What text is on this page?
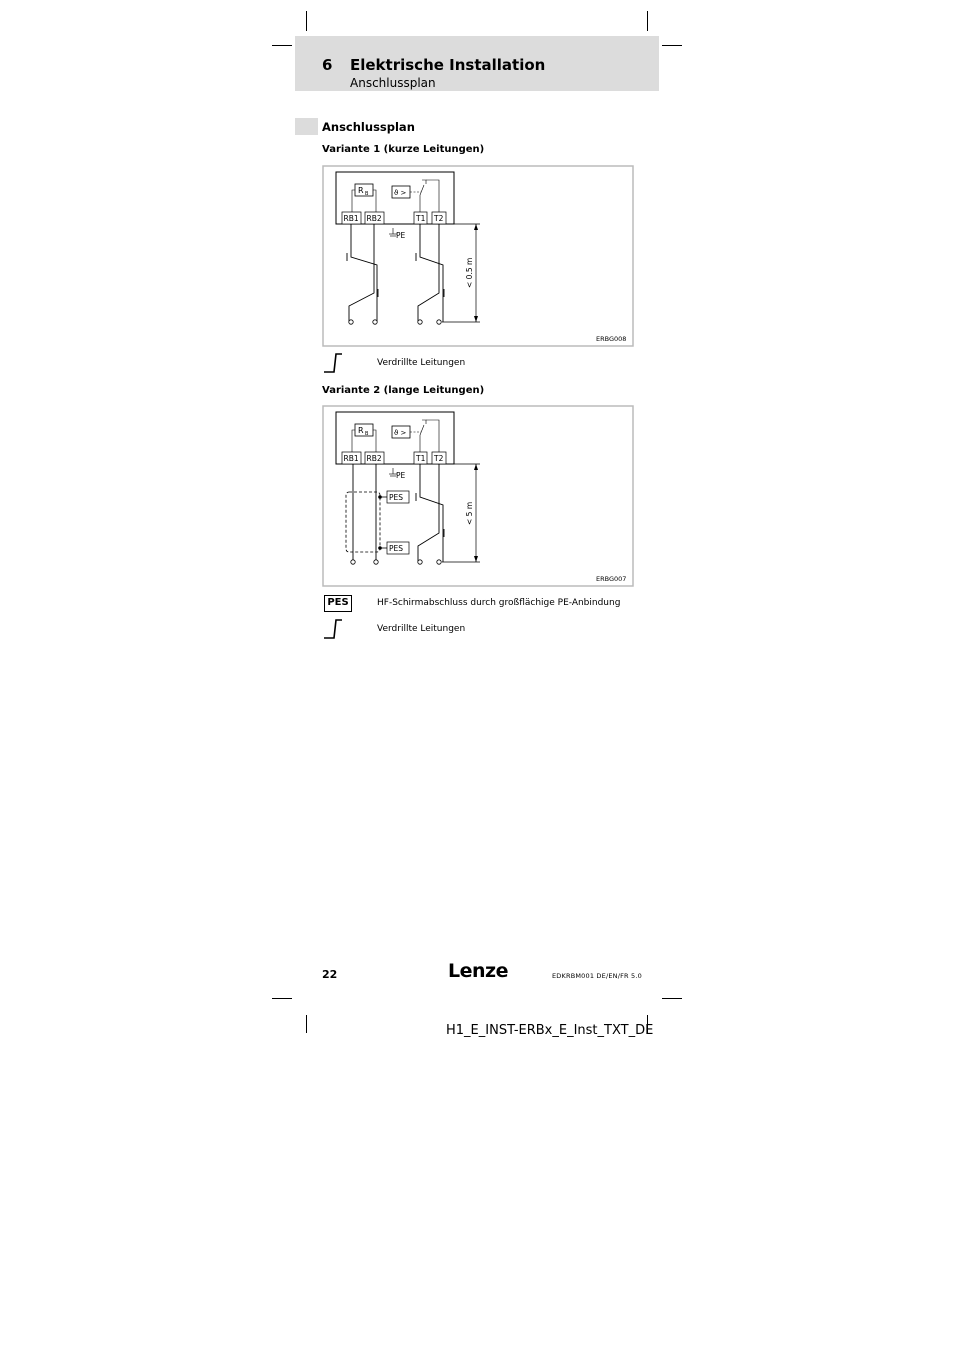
6 Elektrische Installation
Anschlussplan
Anschlussplan
Variante 1 (kurze Leitungen)
R B	ϑ >
RB1 RB2	T1 T2
PE
< 0.5 m
ERBG008
Verdrillte Leitungen
Variante 2 (lange Leitungen)
R B	ϑ >
RB1 RB2	T1 T2
PE
PES
PES
< 5 m
ERBG007
PES	HF-Schirmabschluss durch großflächige PE-Anbindung
Verdrillte Leitungen
22	Lenze	EDKRBM001 DE/EN/FR 5.0
H1_E_INST-ERBx_E_Inst_TXT_DE
